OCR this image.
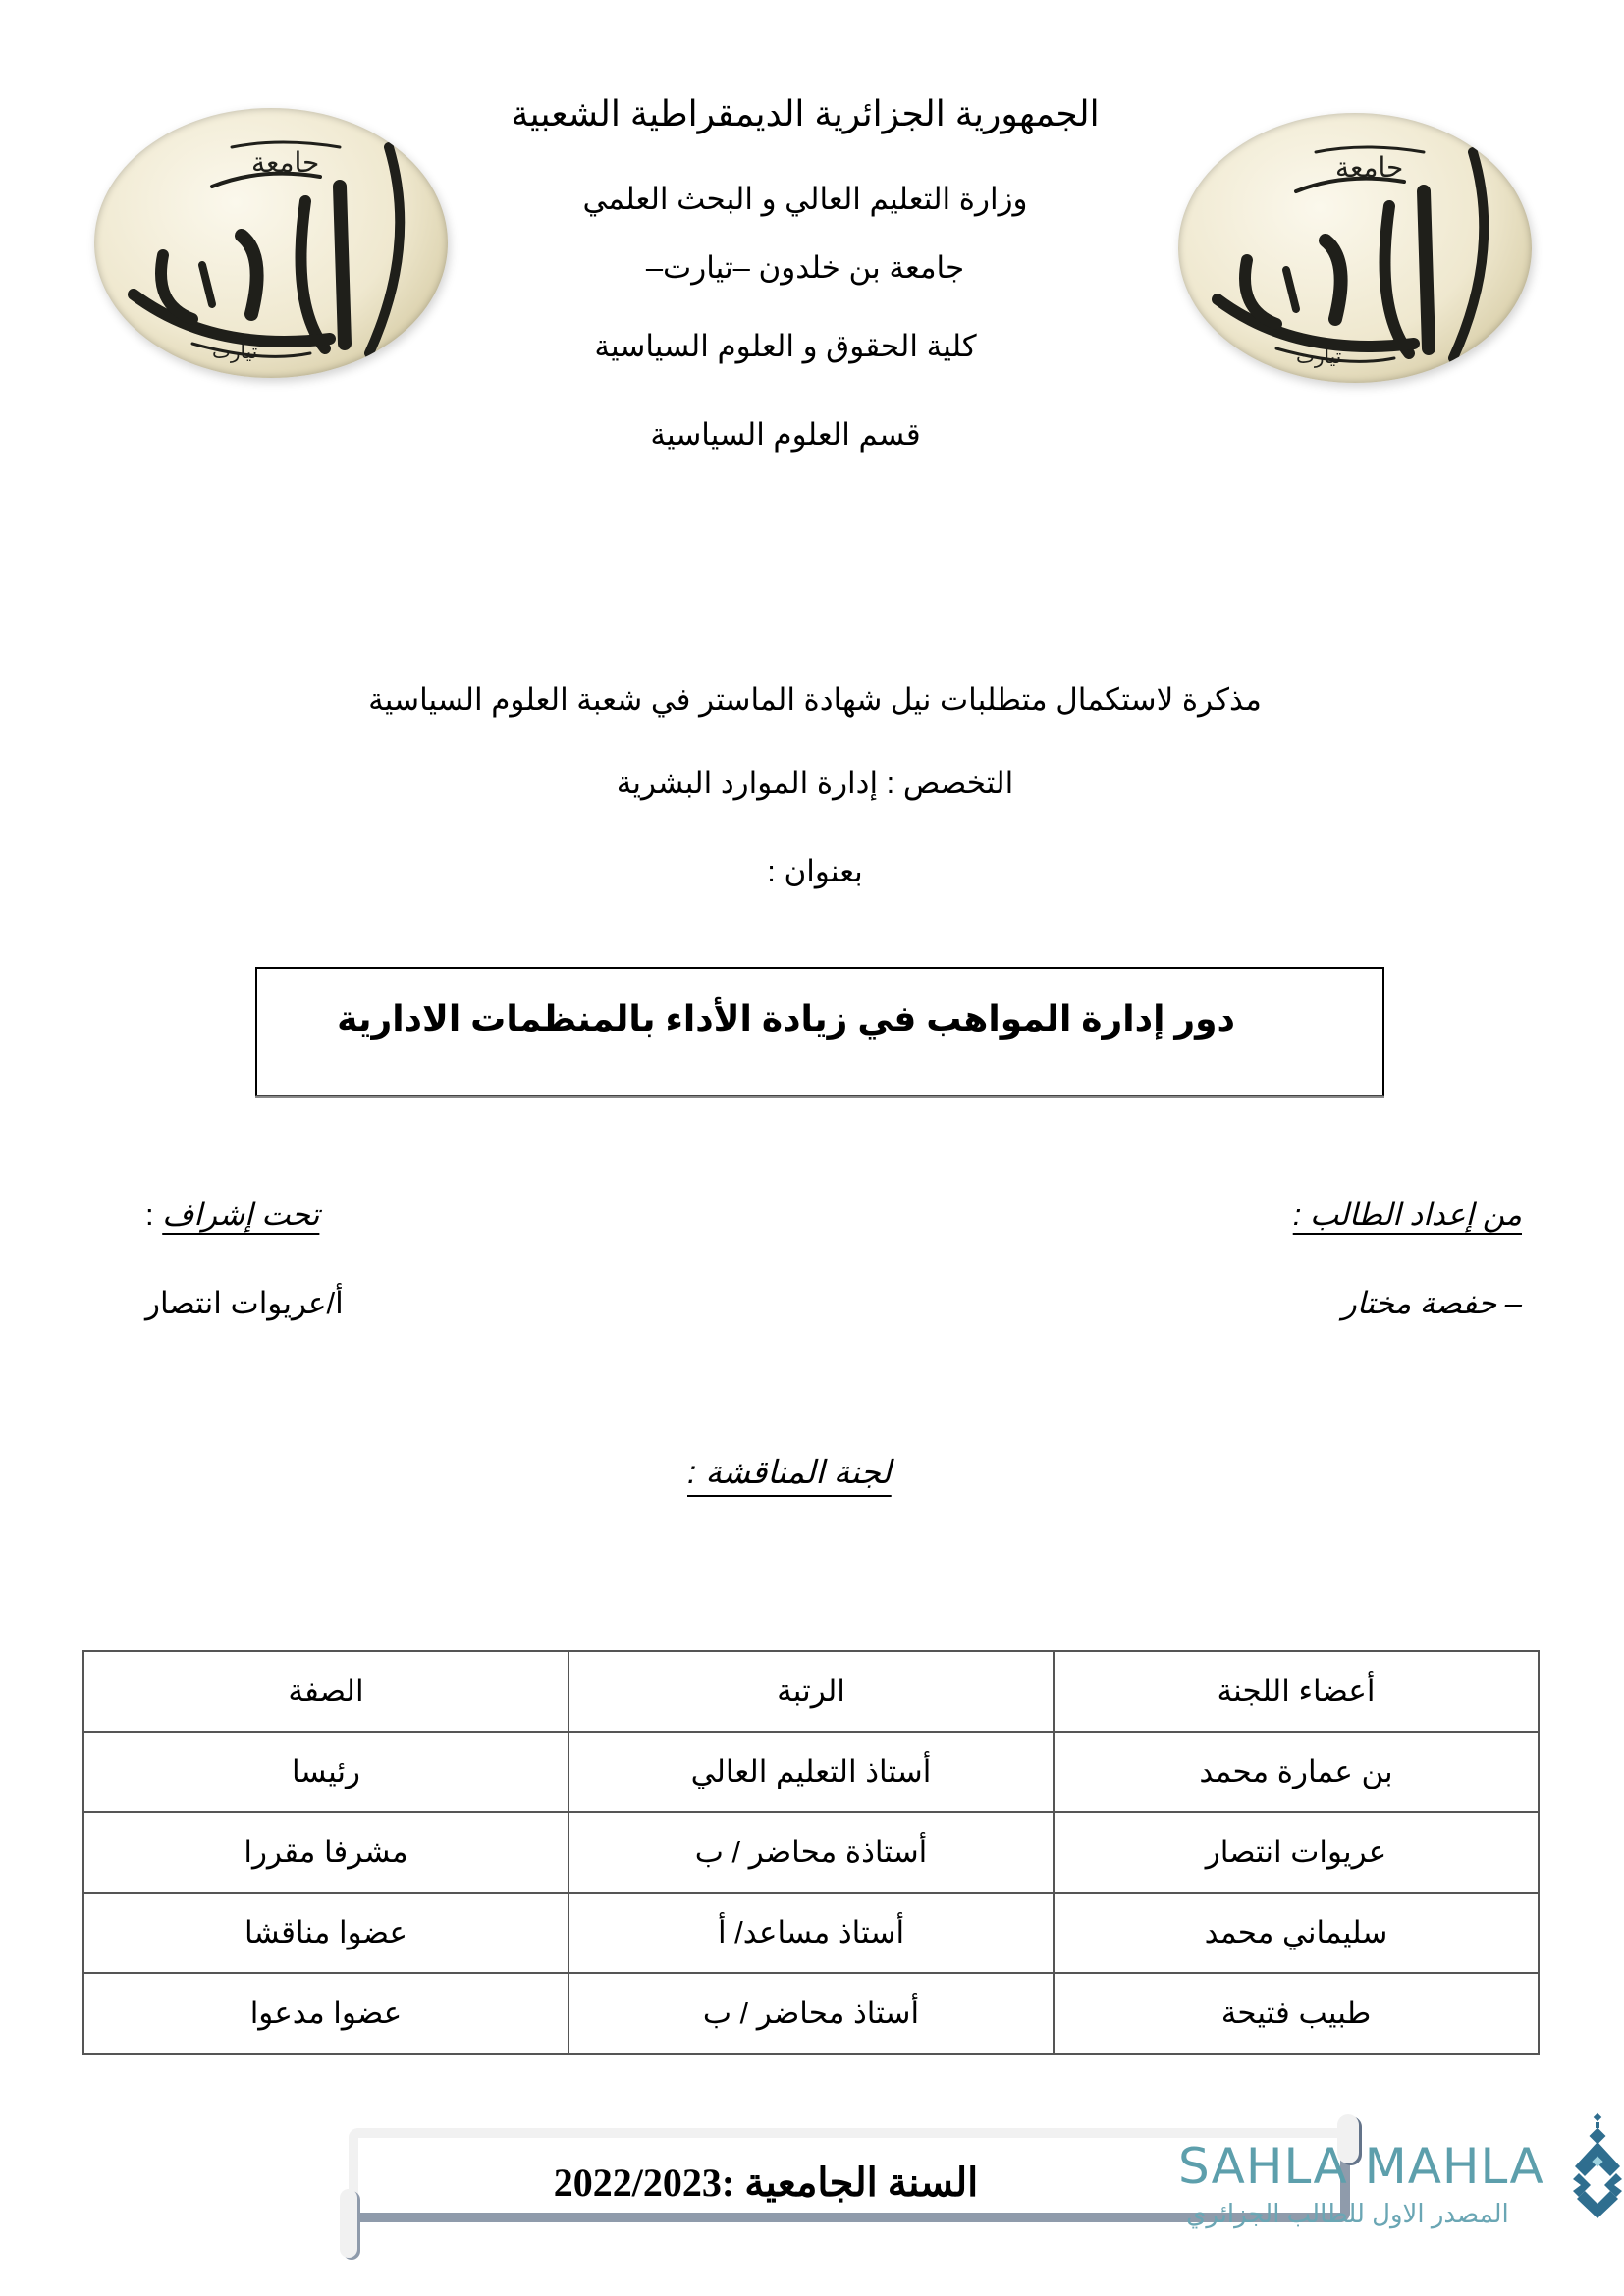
جامعة
تيارت
جامعة
تيارت
الجمهورية الجزائرية الديمقراطية الشعبية
وزارة التعليم العالي و البحث العلمي
جامعة بن خلدون –تيارت–
كلية الحقوق و العلوم السياسية
قسم العلوم السياسية
مذكرة لاستكمال متطلبات نيل شهادة الماستر في شعبة العلوم السياسية
التخصص : إدارة الموارد البشرية
بعنوان :
دور إدارة المواهب في زيادة الأداء بالمنظمات الادارية
من إعداد الطالب :
– حفصة مختار
تحت إشراف :
أ/عريوات انتصار
لجنة المناقشة :
أعضاء اللجنة	الرتبة	الصفة
بن عمارة محمد	أستاذ التعليم العالي	رئيسا
عريوات انتصار	أستاذة محاضر / ب	مشرفا مقررا
سليماني محمد	أستاذ مساعد/ أ	عضوا مناقشا
طبيب فتيحة	أستاذ محاضر / ب	عضوا مدعوا
السنة الجامعية :2022/2023	SAHLA MAHLA
المصدر الاول للطالب الجزائري
